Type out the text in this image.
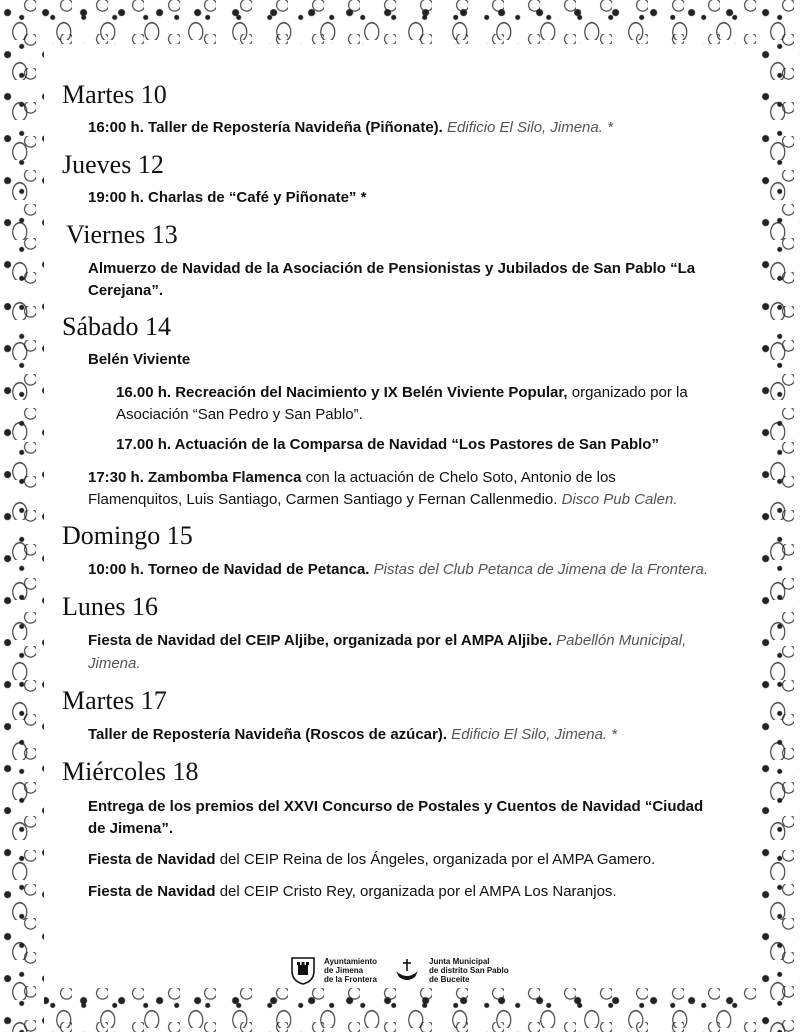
Martes 10
16:00 h. Taller de Repostería Navideña (Piñonate). Edificio El Silo, Jimena. *
Jueves 12
19:00 h. Charlas de “Café y Piñonate” *
Viernes 13
Almuerzo de Navidad de la Asociación de Pensionistas y Jubilados de San Pablo “La
Cerejana”.
Sábado 14
Belén Viviente
16.00 h. Recreación del Nacimiento y IX Belén Viviente Popular, organizado por la
Asociación “San Pedro y San Pablo”.
17.00 h. Actuación de la Comparsa de Navidad “Los Pastores de San Pablo”
17:30 h. Zambomba Flamenca con la actuación de Chelo Soto, Antonio de los
Flamenquitos, Luis Santiago, Carmen Santiago y Fernan Callenmedio. Disco Pub Calen.
Domingo 15
10:00 h. Torneo de Navidad de Petanca. Pistas del Club Petanca de Jimena de la Frontera.
Lunes 16
Fiesta de Navidad del CEIP Aljibe, organizada por el AMPA Aljibe. Pabellón Municipal,
Jimena.
Martes 17
Taller de Repostería Navideña (Roscos de azúcar). Edificio El Silo, Jimena. *
Miércoles 18
Entrega de los premios del XXVI Concurso de Postales y Cuentos de Navidad “Ciudad
de Jimena”.
Fiesta de Navidad del CEIP Reina de los Ángeles, organizada por el AMPA Gamero.
Fiesta de Navidad del CEIP Cristo Rey, organizada por el AMPA Los Naranjos.
Ayuntamiento
de Jimena
de la Frontera
Junta Municipal
de distrito San Pablo
de Buceite
